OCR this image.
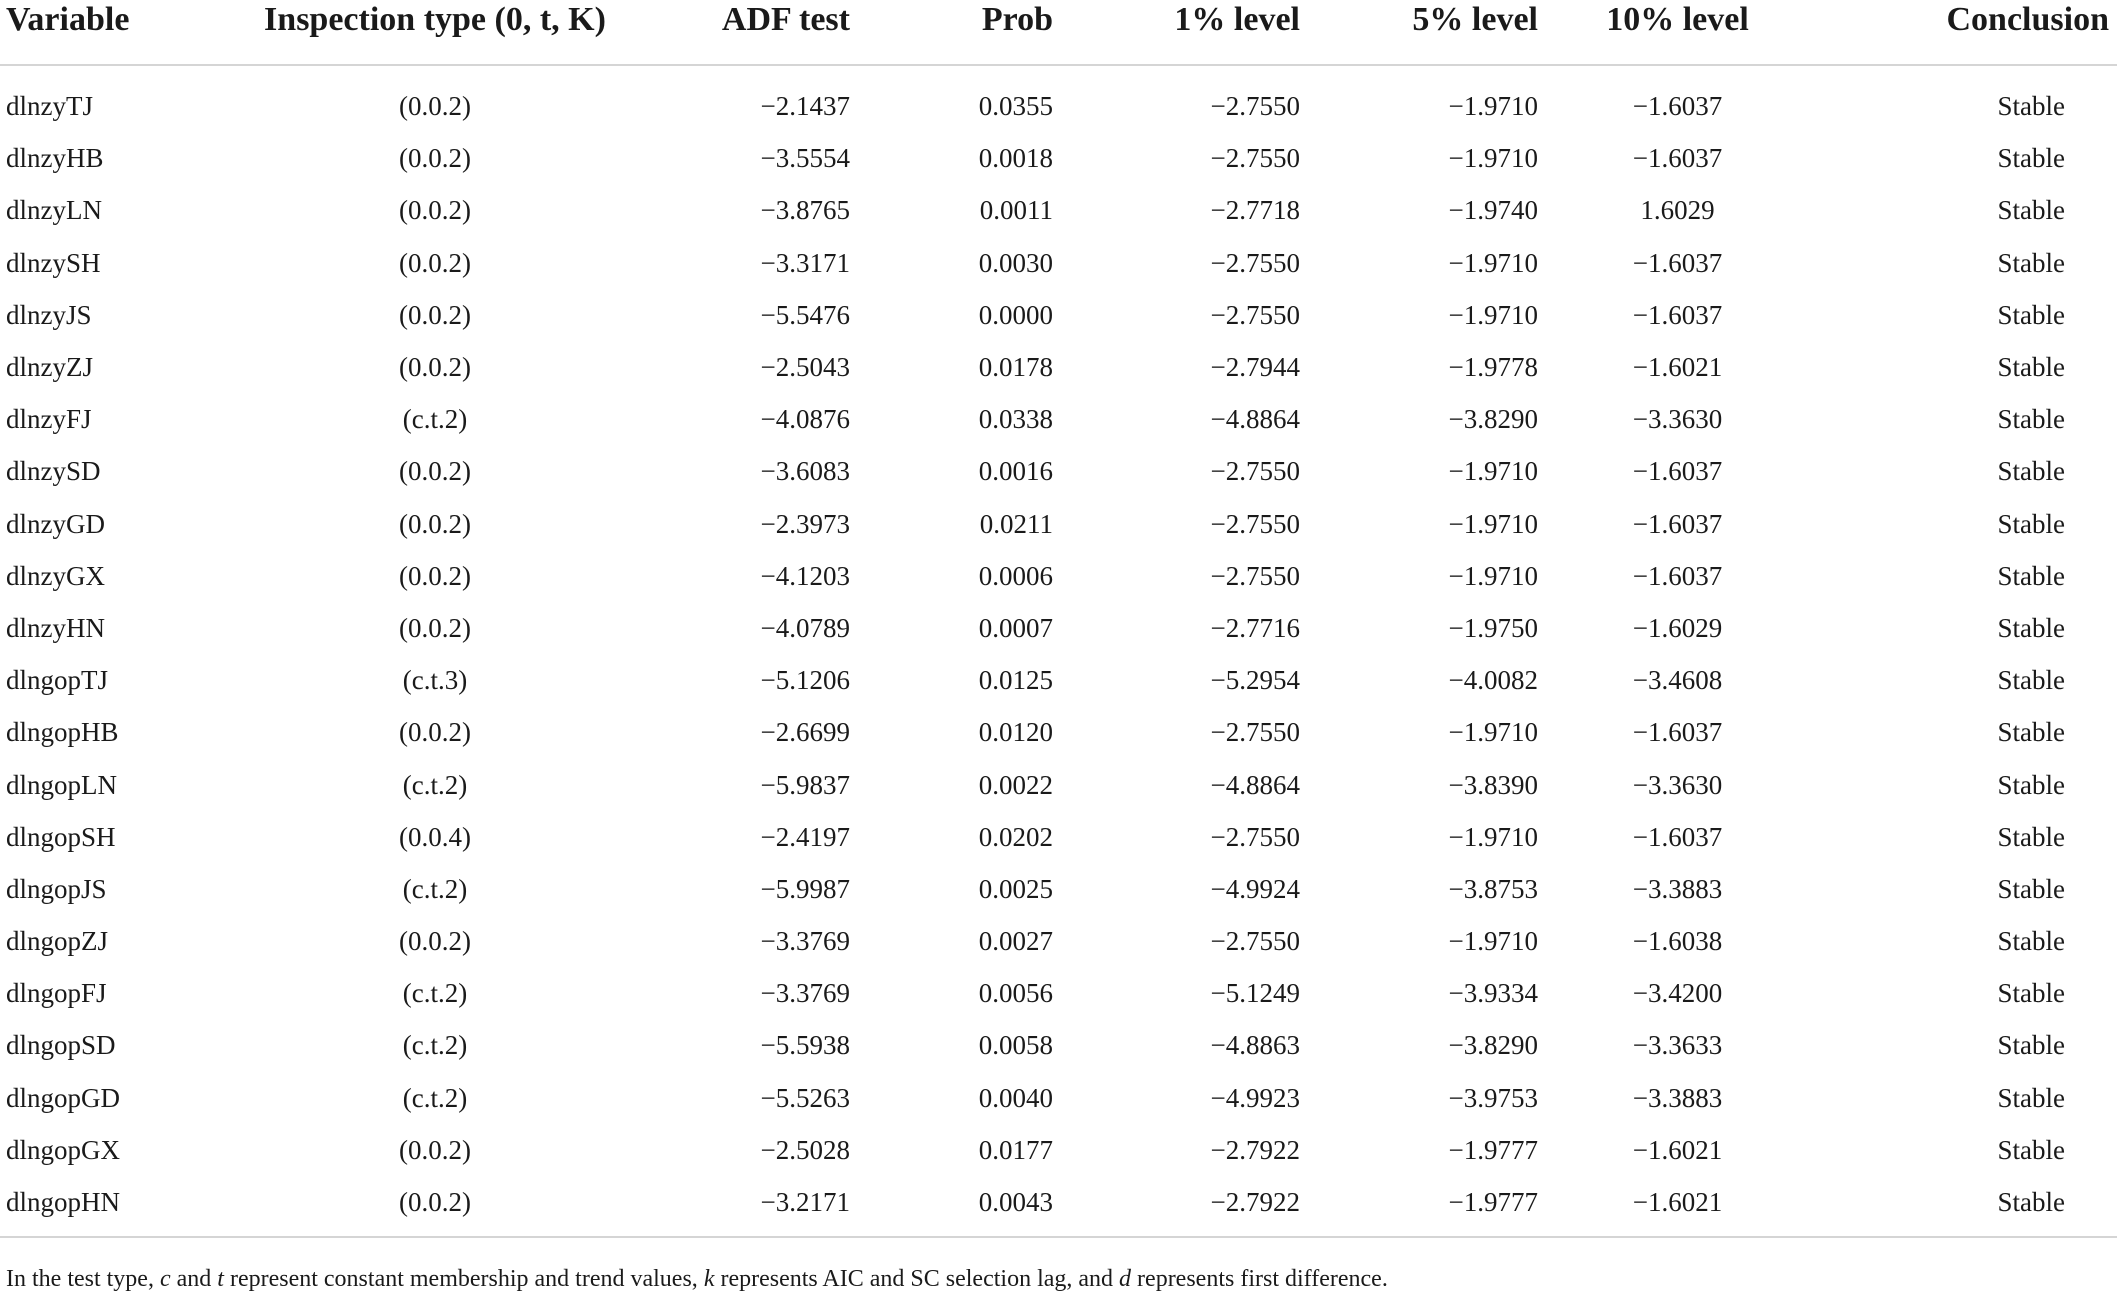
Variable	Inspection type (0, t, K)	ADF test	Prob	1% level	5% level	10% level	Conclusion
dlnzyTJ	(0.0.2)	−2.1437	0.0355	−2.7550	−1.9710	−1.6037	Stable
dlnzyHB	(0.0.2)	−3.5554	0.0018	−2.7550	−1.9710	−1.6037	Stable
dlnzyLN	(0.0.2)	−3.8765	0.0011	−2.7718	−1.9740	1.6029	Stable
dlnzySH	(0.0.2)	−3.3171	0.0030	−2.7550	−1.9710	−1.6037	Stable
dlnzyJS	(0.0.2)	−5.5476	0.0000	−2.7550	−1.9710	−1.6037	Stable
dlnzyZJ	(0.0.2)	−2.5043	0.0178	−2.7944	−1.9778	−1.6021	Stable
dlnzyFJ	(c.t.2)	−4.0876	0.0338	−4.8864	−3.8290	−3.3630	Stable
dlnzySD	(0.0.2)	−3.6083	0.0016	−2.7550	−1.9710	−1.6037	Stable
dlnzyGD	(0.0.2)	−2.3973	0.0211	−2.7550	−1.9710	−1.6037	Stable
dlnzyGX	(0.0.2)	−4.1203	0.0006	−2.7550	−1.9710	−1.6037	Stable
dlnzyHN	(0.0.2)	−4.0789	0.0007	−2.7716	−1.9750	−1.6029	Stable
dlngopTJ	(c.t.3)	−5.1206	0.0125	−5.2954	−4.0082	−3.4608	Stable
dlngopHB	(0.0.2)	−2.6699	0.0120	−2.7550	−1.9710	−1.6037	Stable
dlngopLN	(c.t.2)	−5.9837	0.0022	−4.8864	−3.8390	−3.3630	Stable
dlngopSH	(0.0.4)	−2.4197	0.0202	−2.7550	−1.9710	−1.6037	Stable
dlngopJS	(c.t.2)	−5.9987	0.0025	−4.9924	−3.8753	−3.3883	Stable
dlngopZJ	(0.0.2)	−3.3769	0.0027	−2.7550	−1.9710	−1.6038	Stable
dlngopFJ	(c.t.2)	−3.3769	0.0056	−5.1249	−3.9334	−3.4200	Stable
dlngopSD	(c.t.2)	−5.5938	0.0058	−4.8863	−3.8290	−3.3633	Stable
dlngopGD	(c.t.2)	−5.5263	0.0040	−4.9923	−3.9753	−3.3883	Stable
dlngopGX	(0.0.2)	−2.5028	0.0177	−2.7922	−1.9777	−1.6021	Stable
dlngopHN	(0.0.2)	−3.2171	0.0043	−2.7922	−1.9777	−1.6021	Stable
In the test type, c and t represent constant membership and trend values, k represents AIC and SC selection lag, and d represents first difference.
